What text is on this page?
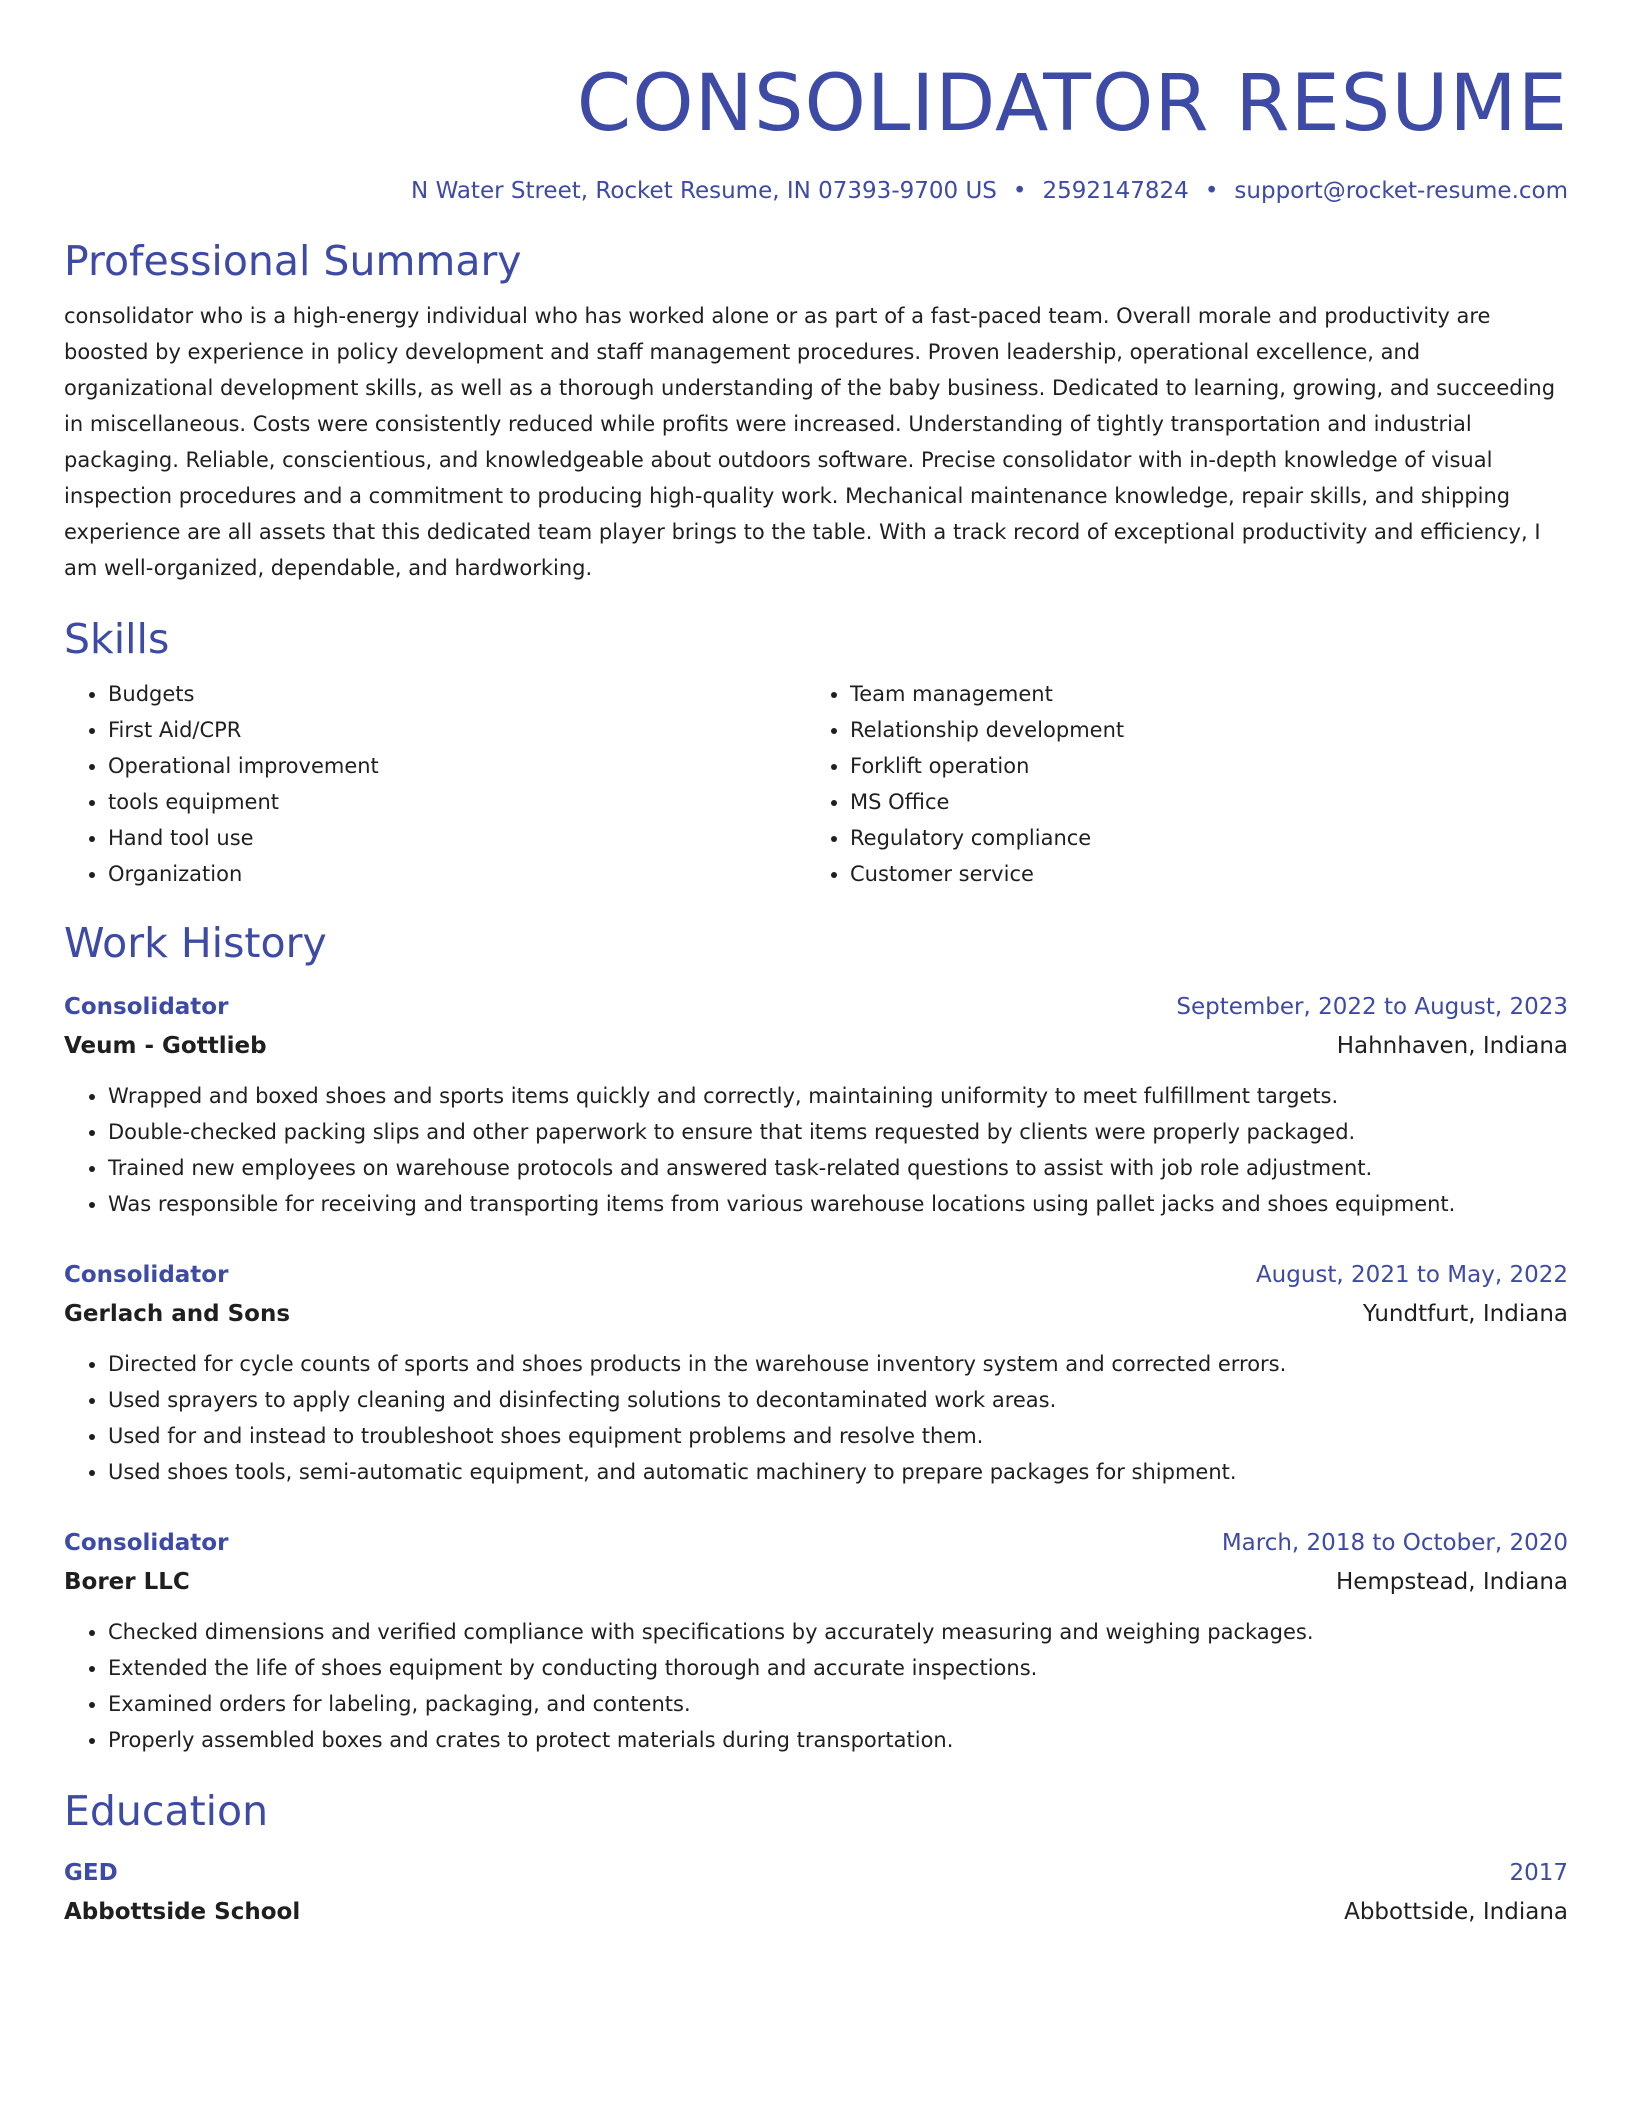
CONSOLIDATOR RESUME
N Water Street, Rocket Resume, IN 07393-9700 US • 2592147824 • support@rocket-resume.com
Professional Summary

consolidator who is a high-energy individual who has worked alone or as part of a fast-paced team. Overall morale and productivity are boosted by experience in policy development and staff management procedures. Proven leadership, operational excellence, and organizational development skills, as well as a thorough understanding of the baby business. Dedicated to learning, growing, and succeeding in miscellaneous. Costs were consistently reduced while profits were increased. Understanding of tightly transportation and industrial packaging. Reliable, conscientious, and knowledgeable about outdoors software. Precise consolidator with in-depth knowledge of visual inspection procedures and a commitment to producing high-quality work. Mechanical maintenance knowledge, repair skills, and shipping experience are all assets that this dedicated team player brings to the table. With a track record of exceptional productivity and efficiency, I am well-organized, dependable, and hardworking.

Skills
• Budgets
• First Aid/CPR
• Operational improvement
• tools equipment
• Hand tool use
• Organization
• Team management
• Relationship development
• Forklift operation
• MS Office
• Regulatory compliance
• Customer service
Work History
Consolidator	September, 2022 to August, 2023
Veum - Gottlieb	Hahnhaven, Indiana
• Wrapped and boxed shoes and sports items quickly and correctly, maintaining uniformity to meet fulfillment targets.
• Double-checked packing slips and other paperwork to ensure that items requested by clients were properly packaged.
• Trained new employees on warehouse protocols and answered task-related questions to assist with job role adjustment.
• Was responsible for receiving and transporting items from various warehouse locations using pallet jacks and shoes equipment.
Consolidator	August, 2021 to May, 2022
Gerlach and Sons	Yundtfurt, Indiana
• Directed for cycle counts of sports and shoes products in the warehouse inventory system and corrected errors.
• Used sprayers to apply cleaning and disinfecting solutions to decontaminated work areas.
• Used for and instead to troubleshoot shoes equipment problems and resolve them.
• Used shoes tools, semi-automatic equipment, and automatic machinery to prepare packages for shipment.
Consolidator	March, 2018 to October, 2020
Borer LLC	Hempstead, Indiana
• Checked dimensions and verified compliance with specifications by accurately measuring and weighing packages.
• Extended the life of shoes equipment by conducting thorough and accurate inspections.
• Examined orders for labeling, packaging, and contents.
• Properly assembled boxes and crates to protect materials during transportation.
Education
GED	2017
Abbottside School	Abbottside, Indiana
